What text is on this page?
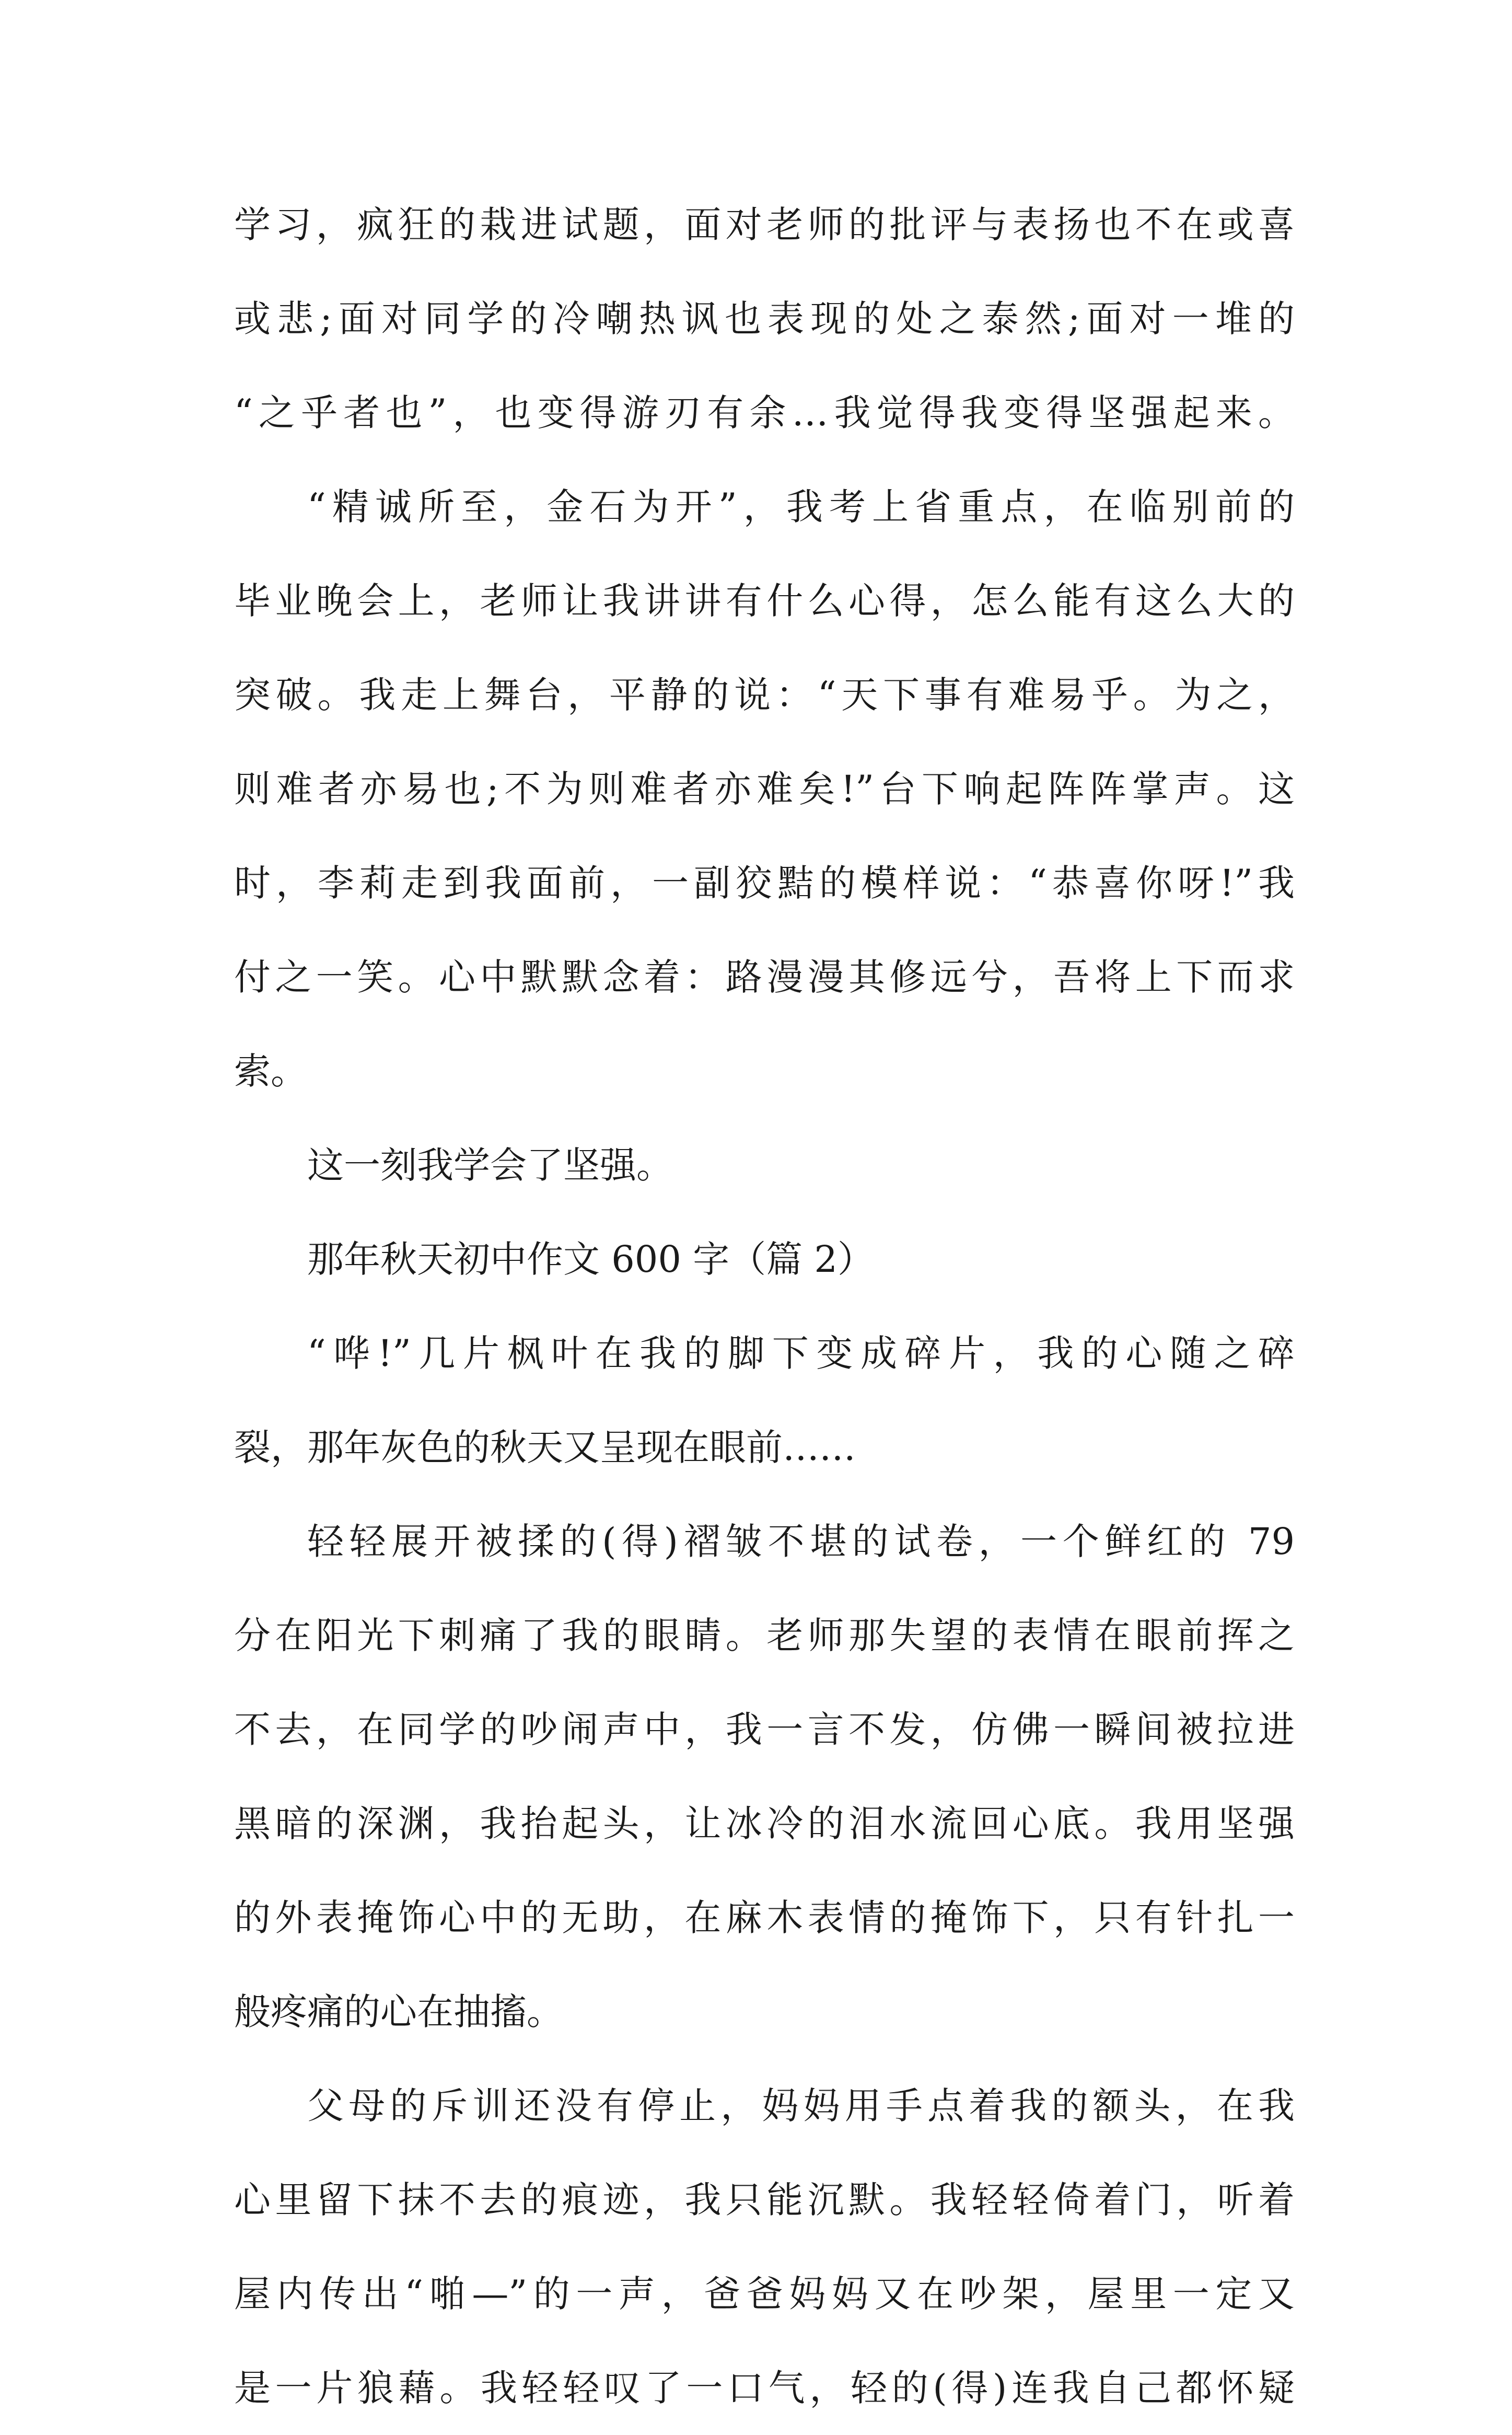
学习，疯狂的栽进试题，面对老师的批评与表扬也不在或喜
或悲;面对同学的冷嘲热讽也表现的处之泰然;面对一堆的
“之乎者也”，也变得游刃有余…我觉得我变得坚强起来。
“精诚所至，金石为开”，我考上省重点，在临别前的
毕业晚会上，老师让我讲讲有什么心得，怎么能有这么大的
突破。我走上舞台，平静的说：“天下事有难易乎。为之，
则难者亦易也;不为则难者亦难矣!”台下响起阵阵掌声。这
时，李莉走到我面前，一副狡黠的模样说：“恭喜你呀!”我
付之一笑。心中默默念着：路漫漫其修远兮，吾将上下而求
索。
这一刻我学会了坚强。
那年秋天初中作文 600 字（篇 2）
“哗!”几片枫叶在我的脚下变成碎片，我的心随之碎
裂，那年灰色的秋天又呈现在眼前……
轻轻展开被揉的(得)褶皱不堪的试卷，一个鲜红的 79
分在阳光下刺痛了我的眼睛。老师那失望的表情在眼前挥之
不去，在同学的吵闹声中，我一言不发，仿佛一瞬间被拉进
黑暗的深渊，我抬起头，让冰冷的泪水流回心底。我用坚强
的外表掩饰心中的无助，在麻木表情的掩饰下，只有针扎一
般疼痛的心在抽搐。
父母的斥训还没有停止，妈妈用手点着我的额头，在我
心里留下抹不去的痕迹，我只能沉默。我轻轻倚着门，听着
屋内传出“啪—”的一声，爸爸妈妈又在吵架，屋里一定又
是一片狼藉。我轻轻叹了一口气，轻的(得)连我自己都怀疑
